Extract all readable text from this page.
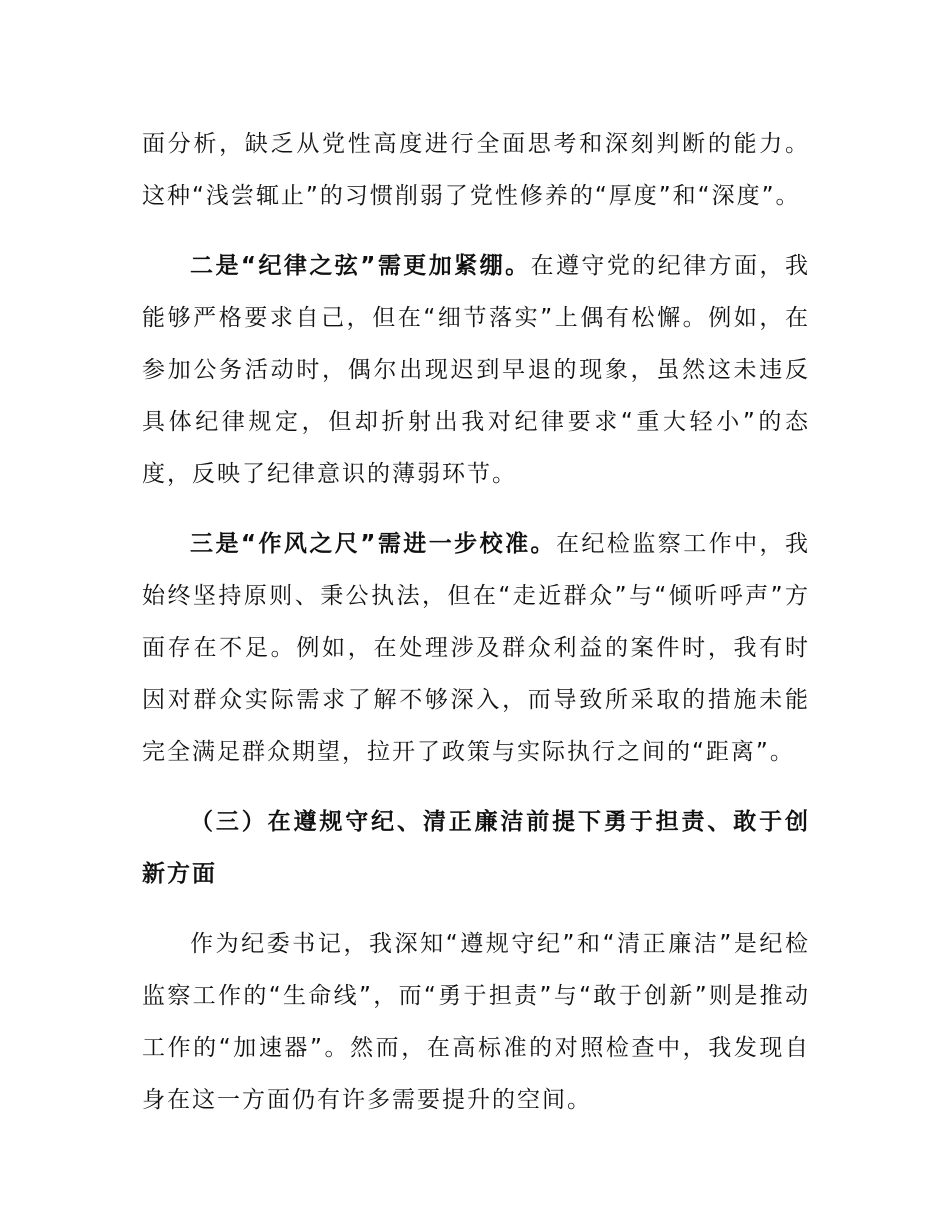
面分析，缺乏从党性高度进行全面思考和深刻判断的能力。这种“浅尝辄止”的习惯削弱了党性修养的“厚度”和“深度”。

二是“纪律之弦”需更加紧绷。在遵守党的纪律方面，我能够严格要求自己，但在“细节落实”上偶有松懈。例如，在参加公务活动时，偶尔出现迟到早退的现象，虽然这未违反具体纪律规定，但却折射出我对纪律要求“重大轻小”的态度，反映了纪律意识的薄弱环节。

三是“作风之尺”需进一步校准。在纪检监察工作中，我始终坚持原则、秉公执法，但在“走近群众”与“倾听呼声”方面存在不足。例如，在处理涉及群众利益的案件时，我有时因对群众实际需求了解不够深入，而导致所采取的措施未能完全满足群众期望，拉开了政策与实际执行之间的“距离”。

（三）在遵规守纪、清正廉洁前提下勇于担责、敢于创新方面

作为纪委书记，我深知“遵规守纪”和“清正廉洁”是纪检监察工作的“生命线”，而“勇于担责”与“敢于创新”则是推动工作的“加速器”。然而，在高标准的对照检查中，我发现自身在这一方面仍有许多需要提升的空间。
